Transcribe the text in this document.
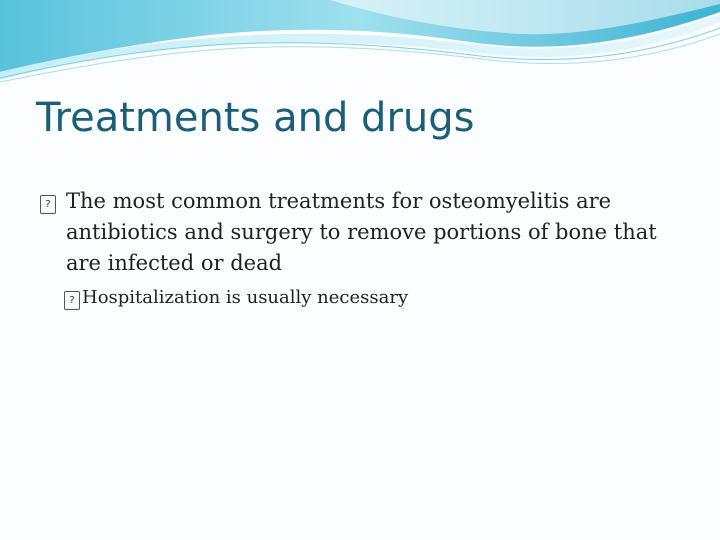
Treatments and drugs

? The most common treatments for osteomyelitis are antibiotics and surgery to remove portions of bone that are infected or dead

? Hospitalization is usually necessary
